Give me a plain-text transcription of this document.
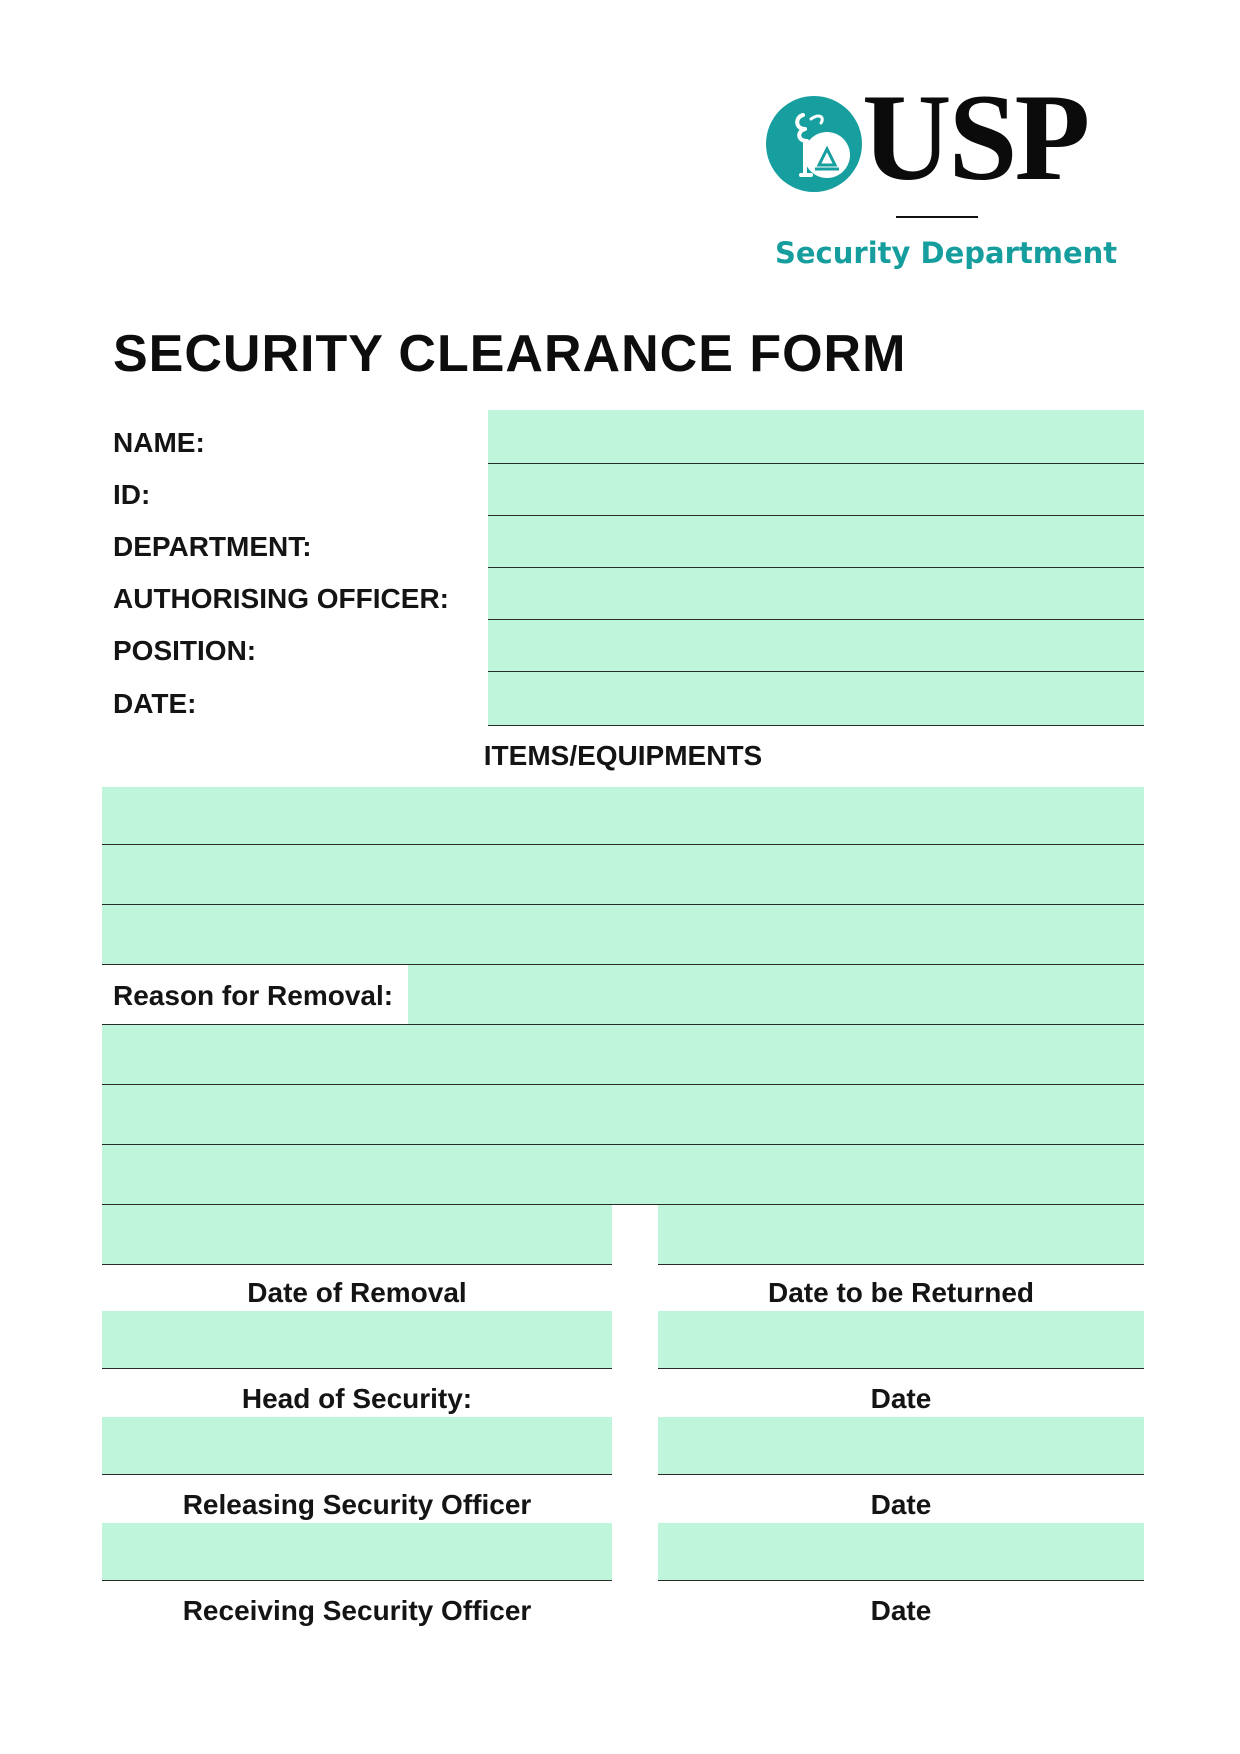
USP
Security Department
SECURITY CLEARANCE FORM
NAME:
ID:
DEPARTMENT:
AUTHORISING OFFICER:
POSITION:
DATE:
ITEMS/EQUIPMENTS
Reason for Removal:
Date of Removal	Date to be Returned
Head of Security:	Date
Releasing Security Officer	Date
Receiving Security Officer	Date
